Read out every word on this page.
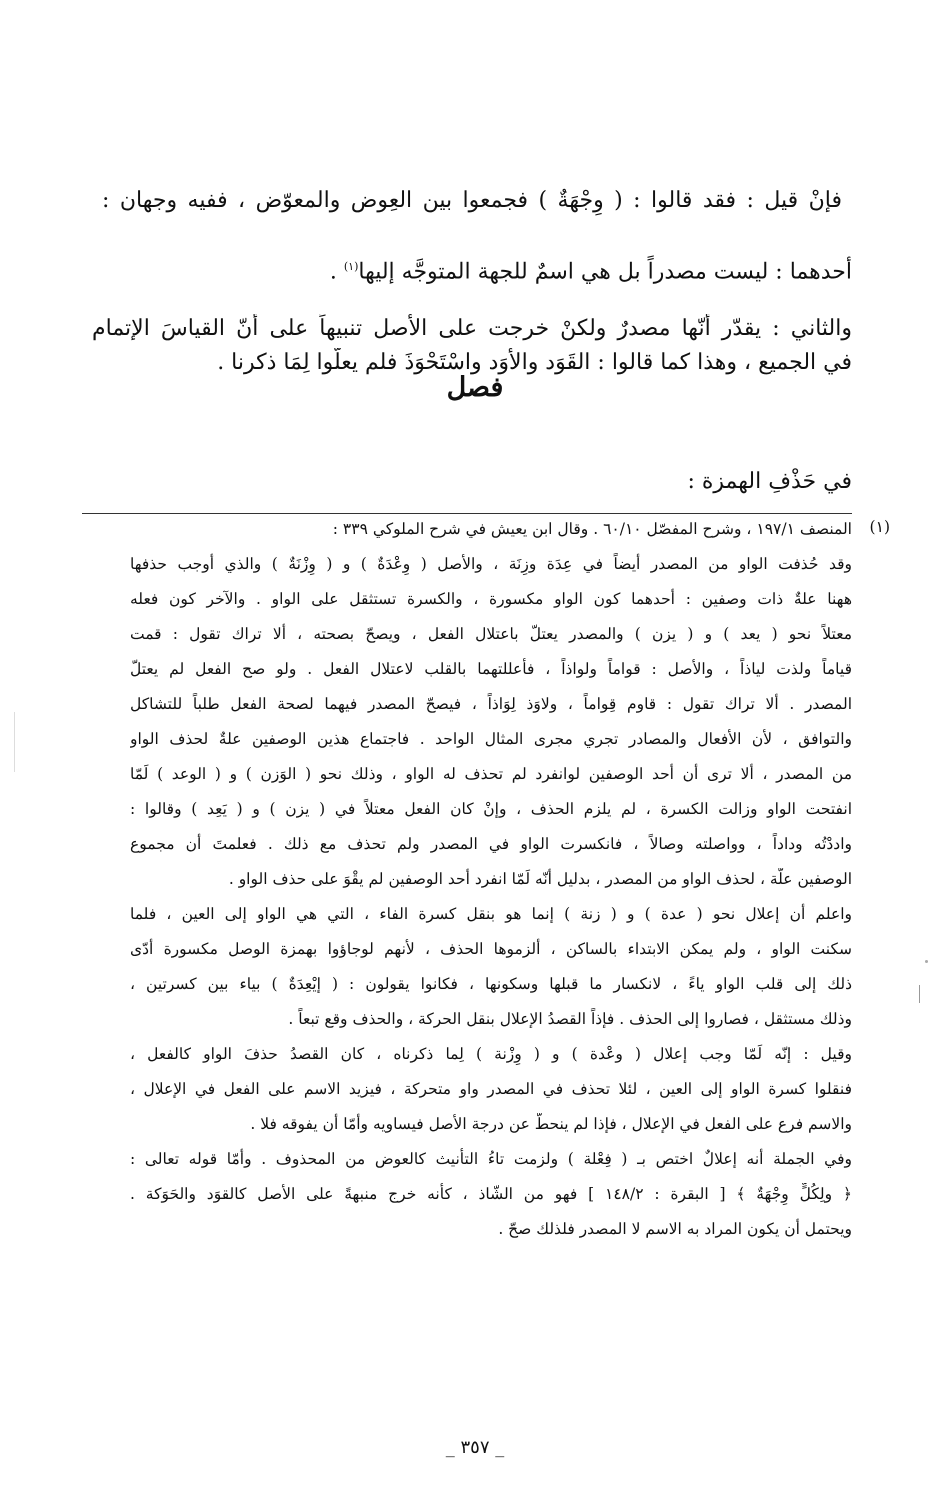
فإنْ قيل : فقد قالوا : ( وِجْهَةٌ ) فجمعوا بين العِوض والمعوّض ، ففيه وجهان :
أحدهما : ليست مصدراً بل هي اسمٌ للجهة المتوجَّه إليها$^{(١)}$ .
والثاني : يقدّر أنّها مصدرٌ ولكنْ خرجت على الأصل تنبيهاً على أنّ القياسَ الإتمام
في الجميع ، وهذا كما قالوا : القَوَد والأوَد واسْتَحْوَذَ فلم يعلّوا لِمَا ذكرنا .
فصل
في حَذْفِ الهمزة :
(١)
المنصف ١٩٧/١ ، وشرح المفصّل ٦٠/١٠ . وقال ابن يعيش في شرح الملوكي ٣٣٩ :
وقد حُذفت الواو من المصدر أيضاً في عِدَة وزِنَة ، والأصل ( وِعْدَةٌ ) و ( وِزْنَةٌ ) والذي أوجب حذفها
ههنا علةٌ ذات وصفين : أحدهما كون الواو مكسورة ، والكسرة تستثقل على الواو . والآخر كون فعله
معتلاً نحو ( يعد ) و ( يزن ) والمصدر يعتلّ باعتلال الفعل ، ويصحّ بصحته ، ألا تراك تقول : قمت
قياماً ولذت لياذاً ، والأصل : قواماً ولواذاً ، فأعللتهما بالقلب لاعتلال الفعل . ولو صح الفعل لم يعتلّ
المصدر . ألا تراك تقول : قاوم قِواماً ، ولاوَذ لِوَاذاً ، فيصحّ المصدر فيهما لصحة الفعل طلباً للتشاكل
والتوافق ، لأن الأفعال والمصادر تجري مجرى المثال الواحد . فاجتماع هذين الوصفين علةٌ لحذف الواو
من المصدر ، ألا ترى أن أحد الوصفين لوانفرد لم تحذف له الواو ، وذلك نحو ( الوَزن ) و ( الوعد ) لَمّا
انفتحت الواو وزالت الكسرة ، لم يلزم الحذف ، وإنْ كان الفعل معتلاً في ( يزن ) و ( يَعِد ) وقالوا :
واددْتُه وداداً ، وواصلته وصالاً ، فانكسرت الواو في المصدر ولم تحذف مع ذلك . فعلمتَ أن مجموع
الوصفين علّة ، لحذف الواو من المصدر ، بدليل أنّه لَمّا انفرد أحد الوصفين لم يقْوَ على حذف الواو .
واعلم أن إعلال نحو ( عدة ) و ( زنة ) إنما هو بنقل كسرة الفاء ، التي هي الواو إلى العين ، فلما
سكنت الواو ، ولم يمكن الابتداء بالساكن ، ألزموها الحذف ، لأنهم لوجاؤوا بهمزة الوصل مكسورة أدّى
ذلك إلى قلب الواو ياءً ، لانكسار ما قبلها وسكونها ، فكانوا يقولون : ( إيْعِدَةٌ ) بياء بين كسرتين ،
وذلك مستثقل ، فصاروا إلى الحذف . فإذاً القصدُ الإعلال بنقل الحركة ، والحذف وقع تبعاً .
وقيل : إنّه لَمّا وجب إعلال ( وعْدة ) و ( وِزْنة ) لِما ذكرناه ، كان القصدُ حذفَ الواو كالفعل ،
فنقلوا كسرة الواو إلى العين ، لئلا تحذف في المصدر واو متحركة ، فيزيد الاسم على الفعل في الإعلال ،
والاسم فرع على الفعل في الإعلال ، فإذا لم ينحطّ عن درجة الأصل فيساويه وأمّا أن يفوقه فلا .
وفي الجملة أنه إعلالٌ اختص بـ ( فِعْلة ) ولزمت تاءُ التأنيث كالعوض من المحذوف . وأمّا قوله تعالى :
﴿ ولِكُلٍّ وِجْهَةٌ ﴾ [ البقرة : ١٤٨/٢ ] فهو من الشّاذ ، كأنه خرج منبهةً على الأصل كالقوَد والحَوَكة .
ويحتمل أن يكون المراد به الاسم لا المصدر فلذلك صحّ .
_ ٣٥٧ _
